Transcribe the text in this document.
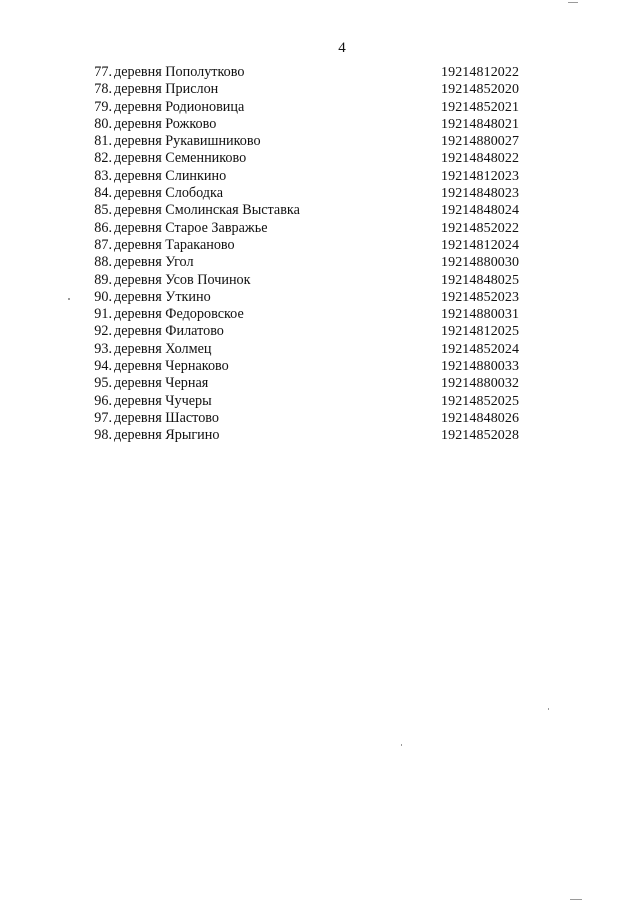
4
77. деревня Пополутково	19214812022
78. деревня Прислон	19214852020
79. деревня Родионовица	19214852021
80. деревня Рожково	19214848021
81. деревня Рукавишниково	19214880027
82. деревня Семенниково	19214848022
83. деревня Слинкино	19214812023
84. деревня Слободка	19214848023
85. деревня Смолинская Выставка	19214848024
86. деревня Старое Завражье	19214852022
87. деревня Тараканово	19214812024
88. деревня Угол	19214880030
89. деревня Усов Починок	19214848025
90. деревня Уткино	19214852023
91. деревня Федоровское	19214880031
92. деревня Филатово	19214812025
93. деревня Холмец	19214852024
94. деревня Чернаково	19214880033
95. деревня Черная	19214880032
96. деревня Чучеры	19214852025
97. деревня Шастово	19214848026
98. деревня Ярыгино	19214852028
